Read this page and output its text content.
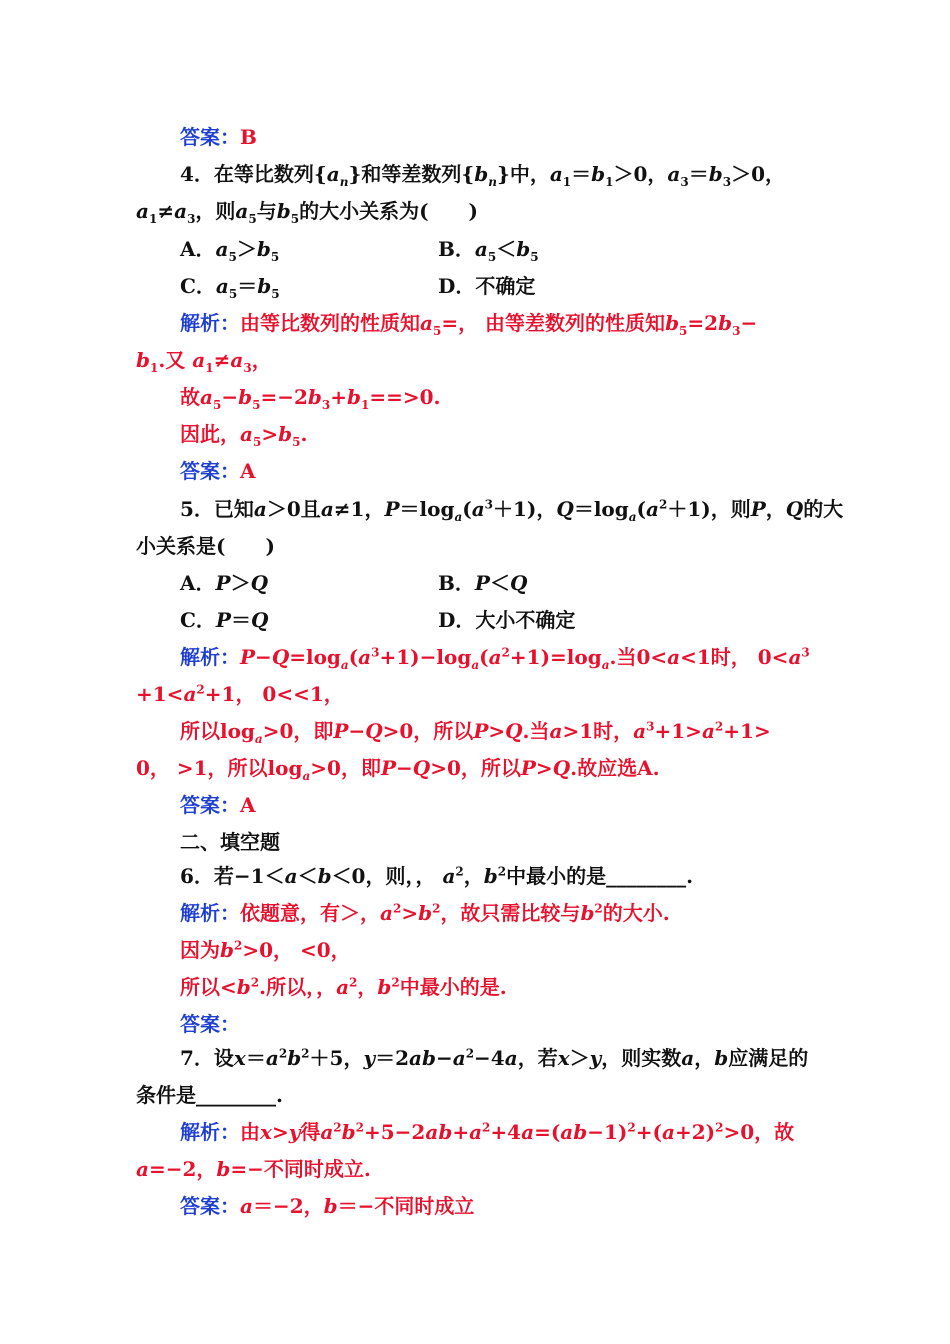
答案：B
4．在等比数列$\{a_n\}$和等差数列$\{b_n\}$中，$a_1=b_1>0$，$a_3=b_3>0$，
$a_1\ne a_3$，则$a_5$与$b_5$的大小关系为(　　)
A．$a_5>b_5$	B．$a_5<b_5$
C．$a_5=b_5$	D．不确定
解析：由等比数列的性质知$a_5=$， 由等差数列的性质知$b_5=2b_3-$
$b_1$.又 $a_1\ne a_3$，
故$a_5-b_5=-2b_3+b_1==>0$.
因此，$a_5>b_5$.
答案：A
5．已知a＞0且a≠1，$P=\log_a(a^3+1)$，$Q=\log_a(a^2+1)$，则P，Q的大
小关系是(　　)
A．P＞Q	B．P＜Q
C．P＝Q	D．大小不确定
解析：$P-Q=\log_a(a^3+1)-\log_a(a^2+1)=\log_a$.当0<a<1时， $0<a^3$
$+1<a^2+1$， 0<<1，
所以$\log_a>0$，即P−Q>0，所以P>Q.当a>1时，$a^3+1>a^2+1>$
0， >1，所以$\log_a>0$，即P−Q>0，所以P>Q.故应选A.
答案：A
二、填空题
6．若−1＜a＜b＜0，则，， $a^2$，$b^2$中最小的是________.
解析：依题意，有＞，$a^2>b^2$，故只需比较与$b^2$的大小.
因为$b^2>0$， <0，
所以$<b^2$.所以，，$a^2$，$b^2$中最小的是.
答案：
7．设$x=a^2b^2+5$，$y=2ab-a^2-4a$，若x＞y，则实数a，b应满足的
条件是________.
解析：由x>y得$a^2b^2+5-2ab+a^2+4a=(ab-1)^2+(a+2)^2>0$，故
a=−2，b=−不同时成立.
答案：a＝−2，b＝−不同时成立
